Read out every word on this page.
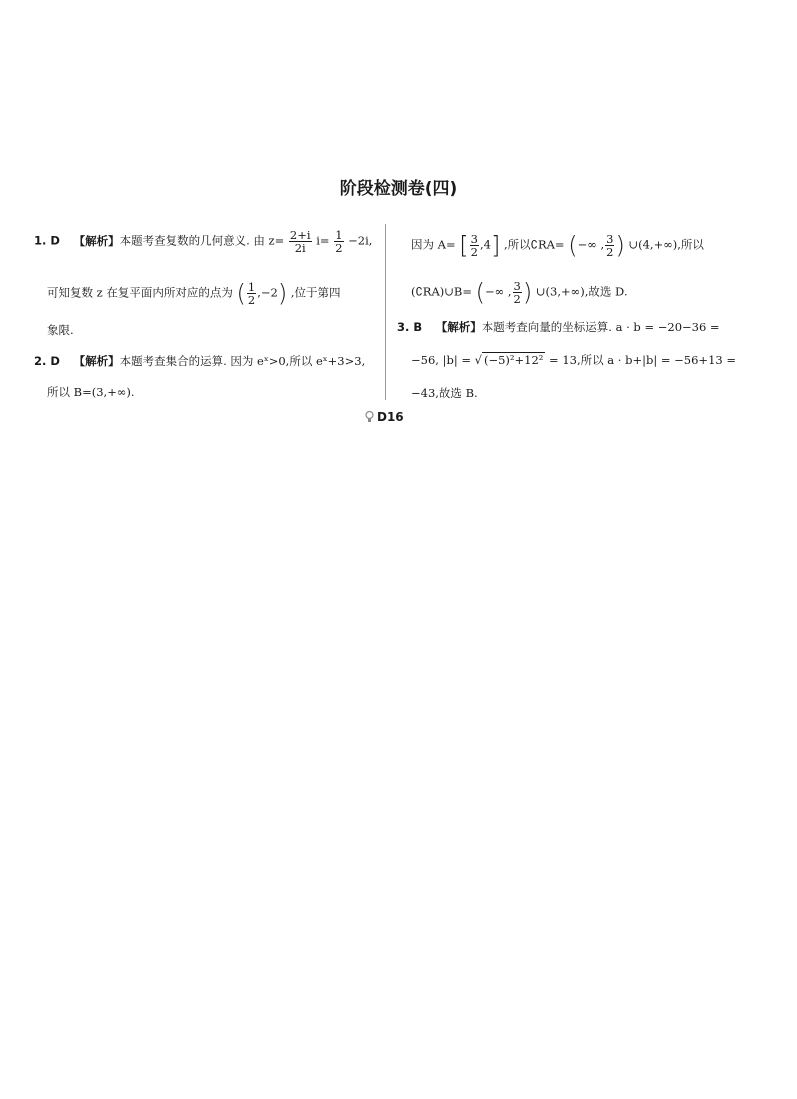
阶段检测卷(四)
1. D 【解析】本题考查复数的几何意义. 由 $z= \frac{2+i}{2i} i= \frac{1}{2} -2i$,
可知复数 z 在复平面内所对应的点为 ( $\frac{1}{2} ,-2$) ,位于第四
象限.
2. D 【解析】本题考查集合的运算. 因为 eˣ>0,所以 eˣ+3>3,
所以 B=(3,+∞).
因为 A= [ $\frac{3}{2} ,4$] ,所以∁RA= (−∞ , $\frac{3}{2}$ ) ∪(4,+∞),所以
(∁RA)∪B= (−∞ , $\frac{3}{2}$ ) ∪(3,+∞),故选 D.
3. B 【解析】本题考查向量的坐标运算. a · b = −20−36 =
−56, |b| = √ (−5)²+12² = 13,所以 a · b+|b| = −56+13 =
−43,故选 B.
D16
